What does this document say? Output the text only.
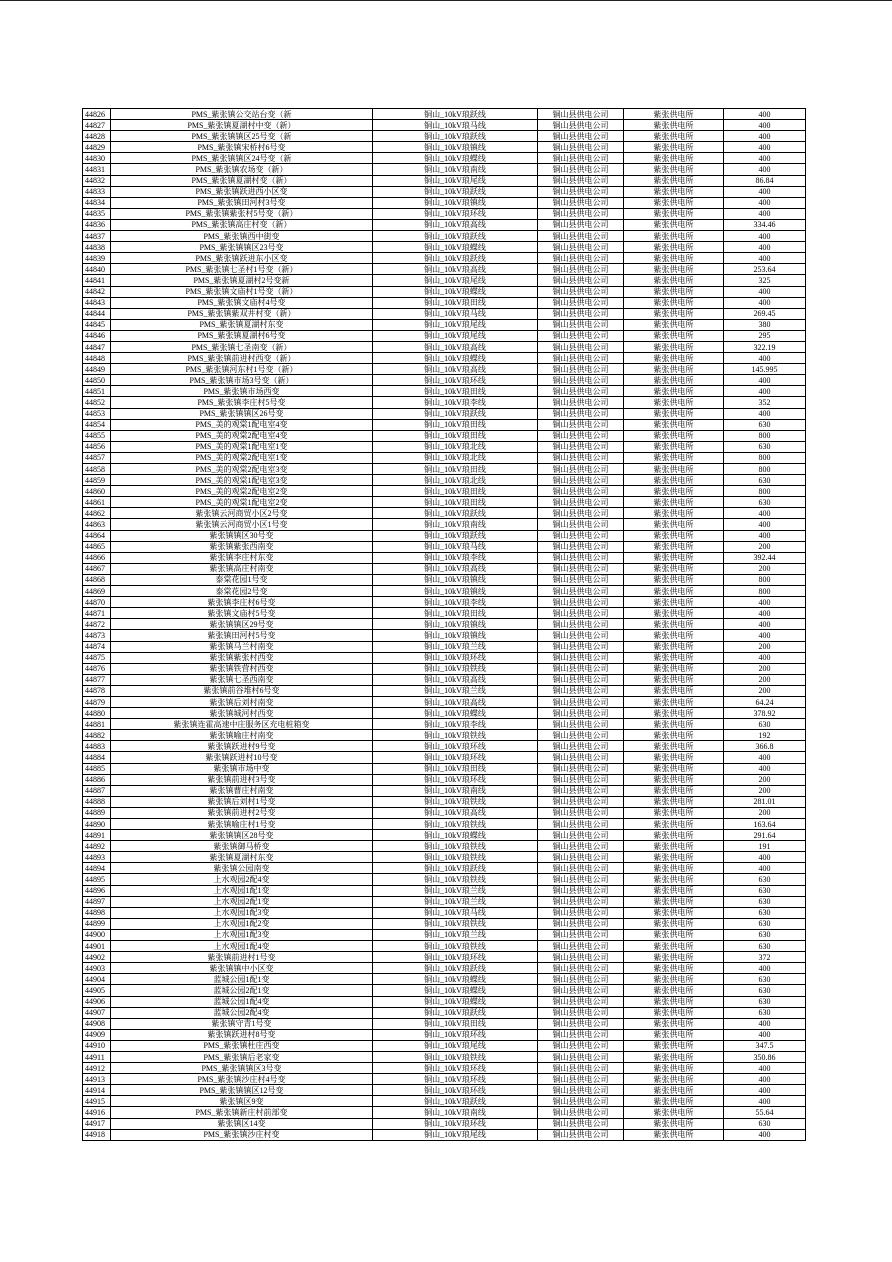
44826	PMS_紫张镇公交站台变（新	铜山_10kV琅跃线	铜山县供电公司	紫张供电所	400
44827	PMS_紫张镇夏湖村中变（新）	铜山_10kV琅马线	铜山县供电公司	紫张供电所	400
44828	PMS_紫张镇镇区25号变（新	铜山_10kV琅跃线	铜山县供电公司	紫张供电所	400
44829	PMS_紫张镇宋桥村6号变	铜山_10kV琅镇线	铜山县供电公司	紫张供电所	400
44830	PMS_紫张镇镇区24号变（新	铜山_10kV琅蝶线	铜山县供电公司	紫张供电所	400
44831	PMS_紫张镇农场变（新）	铜山_10kV琅南线	铜山县供电公司	紫张供电所	400
44832	PMS_紫张镇夏湖村变（新）	铜山_10kV琅尾线	铜山县供电公司	紫张供电所	86.84
44833	PMS_紫张镇跃进西小区变	铜山_10kV琅跃线	铜山县供电公司	紫张供电所	400
44834	PMS_紫张镇田河村3号变	铜山_10kV琅镇线	铜山县供电公司	紫张供电所	400
44835	PMS_紫张镇紫张村5号变（新）	铜山_10kV琅环线	铜山县供电公司	紫张供电所	400
44836	PMS_紫张镇高庄村变（新）	铜山_10kV琅高线	铜山县供电公司	紫张供电所	334.46
44837	PMS_紫张镇西中街变	铜山_10kV琅跃线	铜山县供电公司	紫张供电所	400
44838	PMS_紫张镇镇区23号变	铜山_10kV琅蝶线	铜山县供电公司	紫张供电所	400
44839	PMS_紫张镇跃进东小区变	铜山_10kV琅跃线	铜山县供电公司	紫张供电所	400
44840	PMS_紫张镇七圣村1号变（新）	铜山_10kV琅高线	铜山县供电公司	紫张供电所	253.64
44841	PMS_紫张镇夏湖村2号变新	铜山_10kV琅尾线	铜山县供电公司	紫张供电所	325
44842	PMS_紫张镇文庙村1号变（新）	铜山_10kV琅蝶线	铜山县供电公司	紫张供电所	400
44843	PMS_紫张镇文庙村4号变	铜山_10kV琅田线	铜山县供电公司	紫张供电所	400
44844	PMS_紫张镇紫双井村变（新）	铜山_10kV琅马线	铜山县供电公司	紫张供电所	269.45
44845	PMS_紫张镇夏湖村东变	铜山_10kV琅尾线	铜山县供电公司	紫张供电所	380
44846	PMS_紫张镇夏湖村6号变	铜山_10kV琅尾线	铜山县供电公司	紫张供电所	295
44847	PMS_紫张镇七圣南变（新）	铜山_10kV琅高线	铜山县供电公司	紫张供电所	322.19
44848	PMS_紫张镇前进村西变（新）	铜山_10kV琅蝶线	铜山县供电公司	紫张供电所	400
44849	PMS_紫张镇河东村1号变（新）	铜山_10kV琅高线	铜山县供电公司	紫张供电所	145.995
44850	PMS_紫张镇市场3号变（新）	铜山_10kV琅环线	铜山县供电公司	紫张供电所	400
44851	PMS_紫张镇市场西变	铜山_10kV琅田线	铜山县供电公司	紫张供电所	400
44852	PMS_紫张镇李庄村5号变	铜山_10kV琅李线	铜山县供电公司	紫张供电所	352
44853	PMS_紫张镇镇区26号变	铜山_10kV琅跃线	铜山县供电公司	紫张供电所	400
44854	PMS_美的观棠1配电室4变	铜山_10kV琅田线	铜山县供电公司	紫张供电所	630
44855	PMS_美的观棠2配电室4变	铜山_10kV琅田线	铜山县供电公司	紫张供电所	800
44856	PMS_美的观棠1配电室1变	铜山_10kV琅北线	铜山县供电公司	紫张供电所	630
44857	PMS_美的观棠2配电室1变	铜山_10kV琅北线	铜山县供电公司	紫张供电所	800
44858	PMS_美的观棠2配电室3变	铜山_10kV琅田线	铜山县供电公司	紫张供电所	800
44859	PMS_美的观棠1配电室3变	铜山_10kV琅北线	铜山县供电公司	紫张供电所	630
44860	PMS_美的观棠2配电室2变	铜山_10kV琅田线	铜山县供电公司	紫张供电所	800
44861	PMS_美的观棠1配电室2变	铜山_10kV琅田线	铜山县供电公司	紫张供电所	630
44862	紫张镇云河商贸小区2号变	铜山_10kV琅跃线	铜山县供电公司	紫张供电所	400
44863	紫张镇云河商贸小区1号变	铜山_10kV琅南线	铜山县供电公司	紫张供电所	400
44864	紫张镇镇区30号变	铜山_10kV琅跃线	铜山县供电公司	紫张供电所	400
44865	紫张镇紫张西南变	铜山_10kV琅马线	铜山县供电公司	紫张供电所	200
44866	紫张镇李庄村东变	铜山_10kV琅李线	铜山县供电公司	紫张供电所	392.44
44867	紫张镇高庄村南变	铜山_10kV琅高线	铜山县供电公司	紫张供电所	200
44868	泰棠花园1号变	铜山_10kV琅镇线	铜山县供电公司	紫张供电所	800
44869	泰棠花园2号变	铜山_10kV琅镇线	铜山县供电公司	紫张供电所	800
44870	紫张镇李庄村6号变	铜山_10kV琅李线	铜山县供电公司	紫张供电所	400
44871	紫张镇文庙村5号变	铜山_10kV琅田线	铜山县供电公司	紫张供电所	400
44872	紫张镇镇区29号变	铜山_10kV琅镇线	铜山县供电公司	紫张供电所	400
44873	紫张镇田河村5号变	铜山_10kV琅镇线	铜山县供电公司	紫张供电所	400
44874	紫张镇马兰村南变	铜山_10kV琅兰线	铜山县供电公司	紫张供电所	200
44875	紫张镇紫张村西变	铜山_10kV琅环线	铜山县供电公司	紫张供电所	400
44876	紫张镇铁营村西变	铜山_10kV琅铁线	铜山县供电公司	紫张供电所	200
44877	紫张镇七圣西南变	铜山_10kV琅高线	铜山县供电公司	紫张供电所	200
44878	紫张镇前谷堆村6号变	铜山_10kV琅兰线	铜山县供电公司	紫张供电所	200
44879	紫张镇后刘村南变	铜山_10kV琅高线	铜山县供电公司	紫张供电所	64.24
44880	紫张镇城河村西变	铜山_10kV琅蝶线	铜山县供电公司	紫张供电所	378.92
44881	紫张镇连霍高速中庄服务区充电桩箱变	铜山_10kV琅李线	铜山县供电公司	紫张供电所	630
44882	紫张镇喻庄村南变	铜山_10kV琅铁线	铜山县供电公司	紫张供电所	192
44883	紫张镇跃进村9号变	铜山_10kV琅环线	铜山县供电公司	紫张供电所	366.8
44884	紫张镇跃进村10号变	铜山_10kV琅环线	铜山县供电公司	紫张供电所	400
44885	紫张镇市场中变	铜山_10kV琅田线	铜山县供电公司	紫张供电所	400
44886	紫张镇前进村3号变	铜山_10kV琅环线	铜山县供电公司	紫张供电所	200
44887	紫张镇曹庄村南变	铜山_10kV琅南线	铜山县供电公司	紫张供电所	200
44888	紫张镇后刘村1号变	铜山_10kV琅铁线	铜山县供电公司	紫张供电所	281.01
44889	紫张镇前进村2号变	铜山_10kV琅高线	铜山县供电公司	紫张供电所	200
44890	紫张镇喻庄村1号变	铜山_10kV琅铁线	铜山县供电公司	紫张供电所	163.64
44891	紫张镇镇区28号变	铜山_10kV琅蝶线	铜山县供电公司	紫张供电所	291.64
44892	紫张镇御马桥变	铜山_10kV琅铁线	铜山县供电公司	紫张供电所	191
44893	紫张镇夏湖村东变	铜山_10kV琅铁线	铜山县供电公司	紫张供电所	400
44894	紫张镇公园南变	铜山_10kV琅跃线	铜山县供电公司	紫张供电所	400
44895	上水观园2配4变	铜山_10kV琅铁线	铜山县供电公司	紫张供电所	630
44896	上水观园1配1变	铜山_10kV琅兰线	铜山县供电公司	紫张供电所	630
44897	上水观园2配1变	铜山_10kV琅兰线	铜山县供电公司	紫张供电所	630
44898	上水观园1配3变	铜山_10kV琅马线	铜山县供电公司	紫张供电所	630
44899	上水观园1配2变	铜山_10kV琅铁线	铜山县供电公司	紫张供电所	630
44900	上水观园1配3变	铜山_10kV琅兰线	铜山县供电公司	紫张供电所	630
44901	上水观园1配4变	铜山_10kV琅铁线	铜山县供电公司	紫张供电所	630
44902	紫张镇前进村1号变	铜山_10kV琅环线	铜山县供电公司	紫张供电所	372
44903	紫张镇镇中小区变	铜山_10kV琅跃线	铜山县供电公司	紫张供电所	400
44904	蓝城公园1配1变	铜山_10kV琅蝶线	铜山县供电公司	紫张供电所	630
44905	蓝城公园2配1变	铜山_10kV琅蝶线	铜山县供电公司	紫张供电所	630
44906	蓝城公园1配4变	铜山_10kV琅蝶线	铜山县供电公司	紫张供电所	630
44907	蓝城公园2配4变	铜山_10kV琅跃线	铜山县供电公司	紫张供电所	630
44908	紫张镇守青1号变	铜山_10kV琅田线	铜山县供电公司	紫张供电所	400
44909	紫张镇跃进村8号变	铜山_10kV琅环线	铜山县供电公司	紫张供电所	400
44910	PMS_紫张镇杜庄西变	铜山_10kV琅尾线	铜山县供电公司	紫张供电所	347.5
44911	PMS_紫张镇后老家变	铜山_10kV琅铁线	铜山县供电公司	紫张供电所	350.86
44912	PMS_紫张镇镇区3号变	铜山_10kV琅环线	铜山县供电公司	紫张供电所	400
44913	PMS_紫张镇沙庄村4号变	铜山_10kV琅环线	铜山县供电公司	紫张供电所	400
44914	PMS_紫张镇镇区12号变	铜山_10kV琅环线	铜山县供电公司	紫张供电所	400
44915	紫张镇区9变	铜山_10kV琅跃线	铜山县供电公司	紫张供电所	400
44916	PMS_紫张镇新庄村前部变	铜山_10kV琅南线	铜山县供电公司	紫张供电所	55.64
44917	紫张镇区14变	铜山_10kV琅环线	铜山县供电公司	紫张供电所	630
44918	PMS_紫张镇沙庄村变	铜山_10kV琅尾线	铜山县供电公司	紫张供电所	400
